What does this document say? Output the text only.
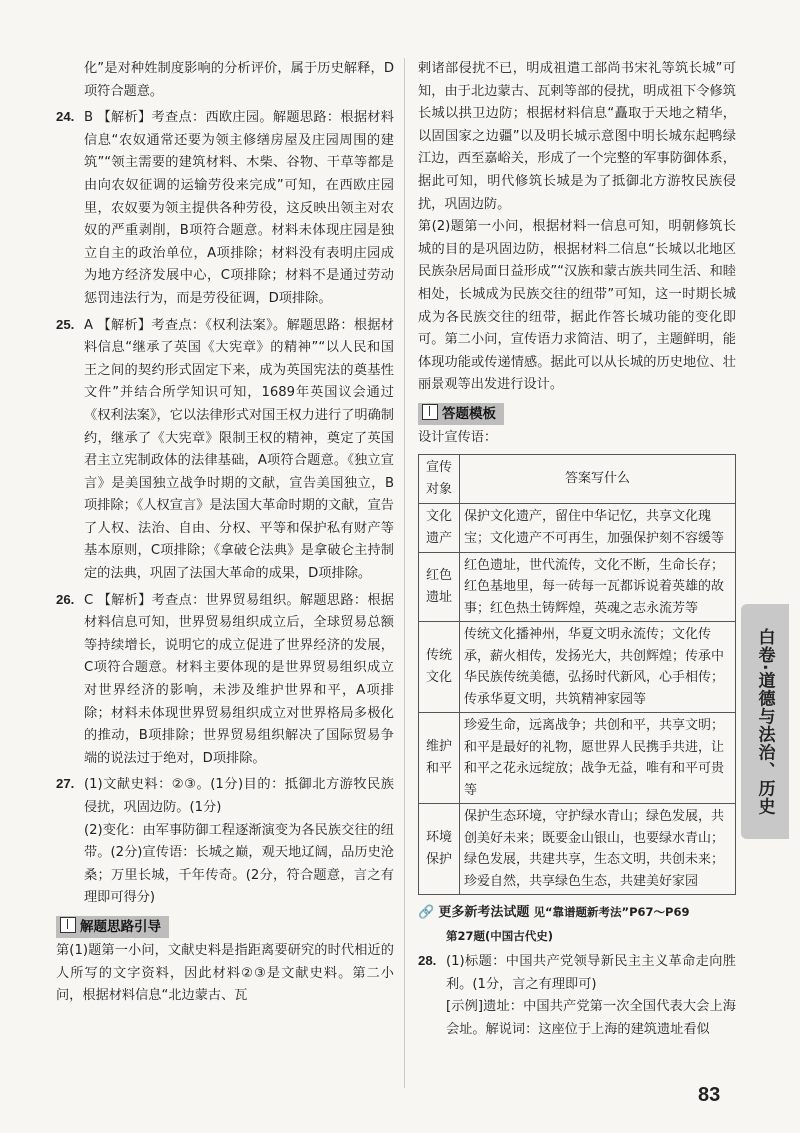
化”是对种姓制度影响的分析评价，属于历史解释，D项符合题意。

24. B 【解析】考查点：西欧庄园。解题思路：根据材料信息“农奴通常还要为领主修缮房屋及庄园周围的建筑”“领主需要的建筑材料、木柴、谷物、干草等都是由向农奴征调的运输劳役来完成”可知，在西欧庄园里，农奴要为领主提供各种劳役，这反映出领主对农奴的严重剥削，B项符合题意。材料未体现庄园是独立自主的政治单位，A项排除；材料没有表明庄园成为地方经济发展中心，C项排除；材料不是通过劳动惩罚违法行为，而是劳役征调，D项排除。

25. A 【解析】考查点：《权利法案》。解题思路：根据材料信息“继承了英国《大宪章》的精神”“以人民和国王之间的契约形式固定下来，成为英国宪法的奠基性文件”并结合所学知识可知，1689年英国议会通过《权利法案》，它以法律形式对国王权力进行了明确制约，继承了《大宪章》限制王权的精神，奠定了英国君主立宪制政体的法律基础，A项符合题意。《独立宣言》是美国独立战争时期的文献，宣告美国独立，B项排除；《人权宣言》是法国大革命时期的文献，宣告了人权、法治、自由、分权、平等和保护私有财产等基本原则，C项排除；《拿破仑法典》是拿破仑主持制定的法典，巩固了法国大革命的成果，D项排除。

26. C 【解析】考查点：世界贸易组织。解题思路：根据材料信息可知，世界贸易组织成立后，全球贸易总额等持续增长，说明它的成立促进了世界经济的发展，C项符合题意。材料主要体现的是世界贸易组织成立对世界经济的影响，未涉及维护世界和平，A项排除；材料未体现世界贸易组织成立对世界格局多极化的推动，B项排除；世界贸易组织解决了国际贸易争端的说法过于绝对，D项排除。

27. (1)文献史料：②③。(1分)目的：抵御北方游牧民族侵扰，巩固边防。(1分)

(2)变化：由军事防御工程逐渐演变为各民族交往的纽带。(2分)宣传语：长城之巅，观天地辽阔，品历史沧桑；万里长城，千年传奇。(2分，符合题意，言之有理即可得分)

解题思路引导

第(1)题第一小问，文献史料是指距离要研究的时代相近的人所写的文字资料，因此材料②③是文献史料。第二小问，根据材料信息“北边蒙古、瓦

剌诸部侵扰不已，明成祖遣工部尚书宋礼等筑长城”可知，由于北边蒙古、瓦剌等部的侵扰，明成祖下令修筑长城以拱卫边防；根据材料信息“矗取于天地之精华，以固国家之边疆”以及明长城示意图中明长城东起鸭绿江边，西至嘉峪关，形成了一个完整的军事防御体系，据此可知，明代修筑长城是为了抵御北方游牧民族侵扰，巩固边防。

第(2)题第一小问，根据材料一信息可知，明朝修筑长城的目的是巩固边防，根据材料二信息“长城以北地区民族杂居局面日益形成”“汉族和蒙古族共同生活、和睦相处，长城成为民族交往的纽带”可知，这一时期长城成为各民族交往的纽带，据此作答长城功能的变化即可。第二小问，宣传语力求简洁、明了，主题鲜明，能体现功能或传递情感。据此可以从长城的历史地位、壮丽景观等出发进行设计。

答题模板
设计宣传语：
宣传对象	答案写什么
文化遗产	保护文化遗产，留住中华记忆，共享文化瑰宝；文化遗产不可再生，加强保护刻不容缓等
红色遗址	红色遗址，世代流传，文化不断，生命长存；红色基地里，每一砖每一瓦都诉说着英雄的故事；红色热土铸辉煌，英魂之志永流芳等
传统文化	传统文化播神州，华夏文明永流传；文化传承，薪火相传，发扬光大，共创辉煌；传承中华民族传统美德，弘扬时代新风，心手相传；传承华夏文明，共筑精神家园等
维护和平	珍爱生命，远离战争；共创和平，共享文明；和平是最好的礼物，愿世界人民携手共进，让和平之花永远绽放；战争无益，唯有和平可贵等
环境保护	保护生态环境，守护绿水青山；绿色发展，共创美好未来；既要金山银山，也要绿水青山；绿色发展，共建共享，生态文明，共创未来；珍爱自然，共享绿色生态，共建美好家园
🔗 更多新考法试题 见“靠谱题新考法”P67～P69
第27题(中国古代史)

28. (1)标题：中国共产党领导新民主主义革命走向胜利。(1分，言之有理即可)

[示例]遗址：中国共产党第一次全国代表大会上海会址。解说词：这座位于上海的建筑遗址看似

白卷·道德与法治、历史
83
